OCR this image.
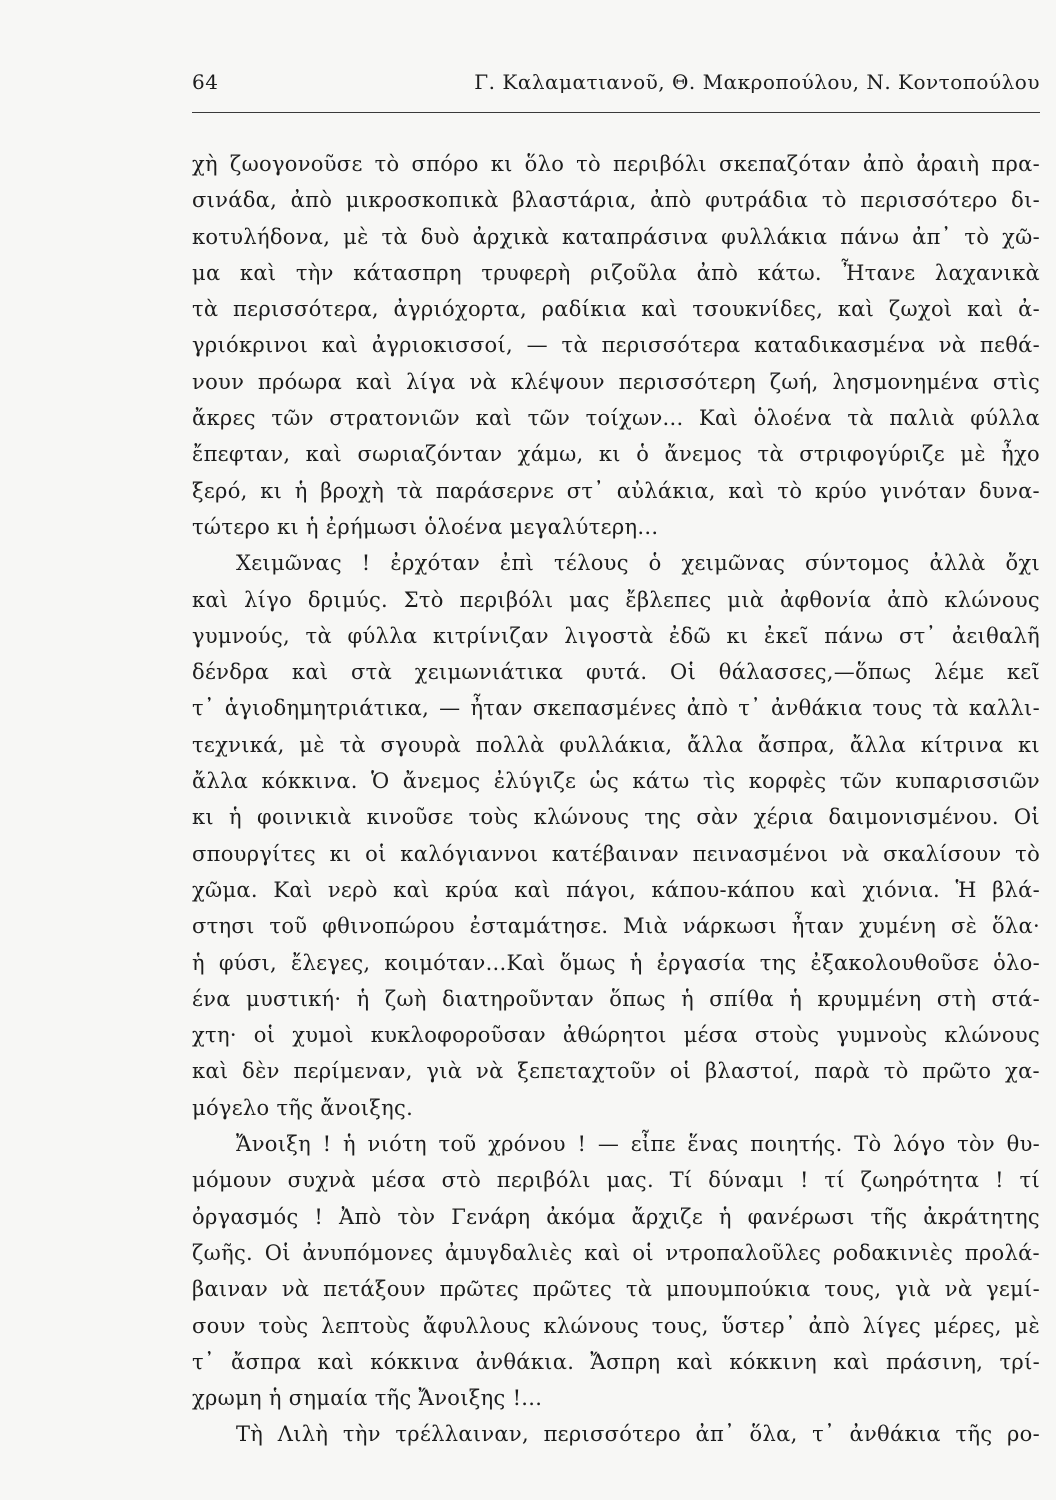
64	Γ. Καλαματιανοῦ, Θ. Μακροπούλου, Ν. Κοντοπούλου
χὴ ζωογονοῦσε τὸ σπόρο κι ὅλο τὸ περιβόλι σκεπαζόταν ἀπὸ ἀραιὴ πρα-
σινάδα, ἀπὸ μικροσκοπικὰ βλαστάρια, ἀπὸ φυτράδια τὸ περισσότερο δι-
κοτυλήδονα, μὲ τὰ δυὸ ἀρχικὰ καταπράσινα φυλλάκια πάνω ἀπ᾿ τὸ χῶ-
μα καὶ τὴν κάτασπρη τρυφερὴ ριζοῦλα ἀπὸ κάτω. Ἦτανε λαχανικὰ
τὰ περισσότερα, ἀγριόχορτα, ραδίκια καὶ τσουκνίδες, καὶ ζωχοὶ καὶ ἀ-
γριόκρινοι καὶ ἀγριοκισσοί, — τὰ περισσότερα καταδικασμένα νὰ πεθά-
νουν πρόωρα καὶ λίγα νὰ κλέψουν περισσότερη ζωή, λησμονημένα στὶς
ἄκρες τῶν στρατονιῶν καὶ τῶν τοίχων... Καὶ ὁλοένα τὰ παλιὰ φύλλα
ἔπεφταν, καὶ σωριαζόνταν χάμω, κι ὁ ἄνεμος τὰ στριφογύριζε μὲ ἦχο
ξερό, κι ἡ βροχὴ τὰ παράσερνε στ᾿ αὐλάκια, καὶ τὸ κρύο γινόταν δυνα-
τώτερο κι ἡ ἐρήμωσι ὁλοένα μεγαλύτερη...
Χειμῶνας ! ἐρχόταν ἐπὶ τέλους ὁ χειμῶνας σύντομος ἀλλὰ ὄχι
καὶ λίγο δριμύς. Στὸ περιβόλι μας ἔβλεπες μιὰ ἀφθονία ἀπὸ κλώνους
γυμνούς, τὰ φύλλα κιτρίνιζαν λιγοστὰ ἐδῶ κι ἐκεῖ πάνω στ᾿ ἀειθαλῆ
δένδρα καὶ στὰ χειμωνιάτικα φυτά. Οἱ θάλασσες,—ὅπως λέμε κεῖ
τ᾿ ἁγιοδημητριάτικα, — ἦταν σκεπασμένες ἀπὸ τ᾿ ἀνθάκια τους τὰ καλλι-
τεχνικά, μὲ τὰ σγουρὰ πολλὰ φυλλάκια, ἄλλα ἄσπρα, ἄλλα κίτρινα κι
ἄλλα κόκκινα. Ὁ ἄνεμος ἐλύγιζε ὡς κάτω τὶς κορφὲς τῶν κυπαρισσιῶν
κι ἡ φοινικιὰ κινοῦσε τοὺς κλώνους της σὰν χέρια δαιμονισμένου. Οἱ
σπουργίτες κι οἱ καλόγιαννοι κατέβαιναν πεινασμένοι νὰ σκαλίσουν τὸ
χῶμα. Καὶ νερὸ καὶ κρύα καὶ πάγοι, κάπου-κάπου καὶ χιόνια. Ἡ βλά-
στησι τοῦ φθινοπώρου ἐσταμάτησε. Μιὰ νάρκωσι ἦταν χυμένη σὲ ὅλα·
ἡ φύσι, ἔλεγες, κοιμόταν...Καὶ ὅμως ἡ ἐργασία της ἐξακολουθοῦσε ὁλο-
ένα μυστική· ἡ ζωὴ διατηροῦνταν ὅπως ἡ σπίθα ἡ κρυμμένη στὴ στά-
χτη· οἱ χυμοὶ κυκλοφοροῦσαν ἀθώρητοι μέσα στοὺς γυμνοὺς κλώνους
καὶ δὲν περίμεναν, γιὰ νὰ ξεπεταχτοῦν οἱ βλαστοί, παρὰ τὸ πρῶτο χα-
μόγελο τῆς ἄνοιξης.
Ἄνοιξη ! ἡ νιότη τοῦ χρόνου ! — εἶπε ἕνας ποιητής. Τὸ λόγο τὸν θυ-
μόμουν συχνὰ μέσα στὸ περιβόλι μας. Τί δύναμι ! τί ζωηρότητα ! τί
ὀργασμός ! Ἀπὸ τὸν Γενάρη ἀκόμα ἄρχιζε ἡ φανέρωσι τῆς ἀκράτητης
ζωῆς. Οἱ ἀνυπόμονες ἀμυγδαλιὲς καὶ οἱ ντροπαλοῦλες ροδακινιὲς προλά-
βαιναν νὰ πετάξουν πρῶτες πρῶτες τὰ μπουμπούκια τους, γιὰ νὰ γεμί-
σουν τοὺς λεπτοὺς ἄφυλλους κλώνους τους, ὕστερ᾿ ἀπὸ λίγες μέρες, μὲ
τ᾿ ἄσπρα καὶ κόκκινα ἀνθάκια. Ἄσπρη καὶ κόκκινη καὶ πράσινη, τρί-
χρωμη ἡ σημαία τῆς Ἄνοιξης !...
Τὴ Λιλὴ τὴν τρέλλαιναν, περισσότερο ἀπ᾿ ὅλα, τ᾿ ἀνθάκια τῆς ρο-
